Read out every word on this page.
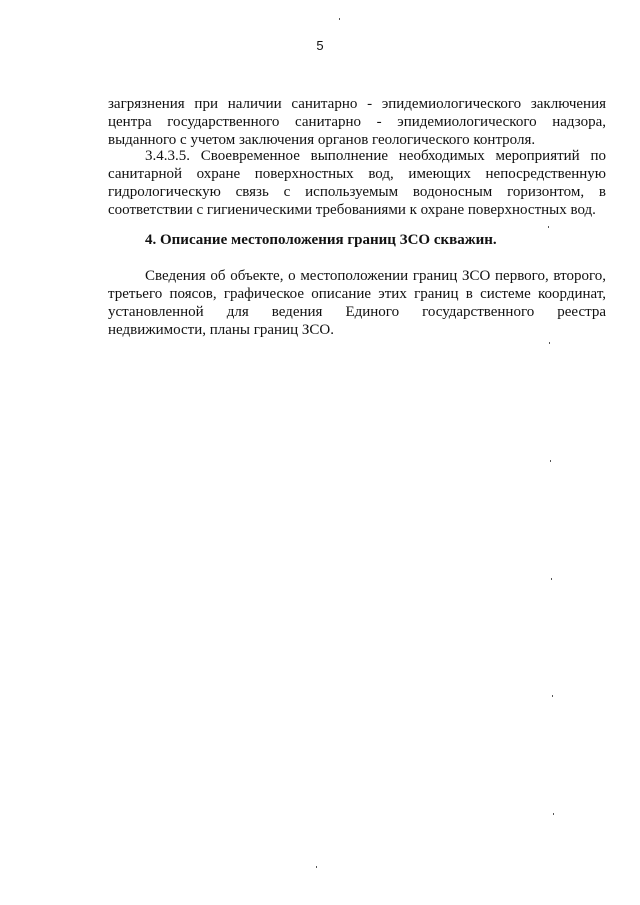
5
загрязнения при наличии санитарно - эпидемиологического заключения
центра государственного санитарно - эпидемиологического надзора,
выданного с учетом заключения органов геологического контроля.
3.4.3.5. Своевременное выполнение необходимых мероприятий по
санитарной охране поверхностных вод, имеющих непосредственную
гидрологическую связь с используемым водоносным горизонтом, в
соответствии с гигиеническими требованиями к охране поверхностных вод.
4. Описание местоположения границ ЗСО скважин.
Сведения об объекте, о местоположении границ ЗСО первого, второго,
третьего поясов, графическое описание этих границ в системе координат,
установленной для ведения Единого государственного реестра
недвижимости, планы границ ЗСО.
